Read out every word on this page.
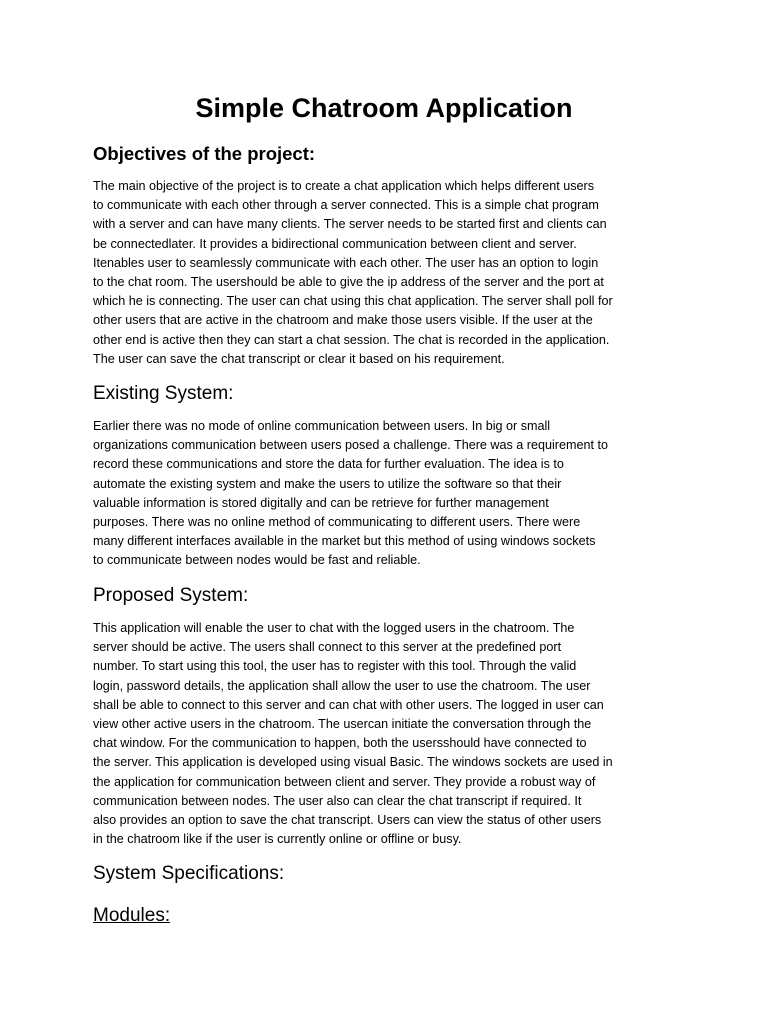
Simple Chatroom Application
Objectives of the project:
The main objective of the project is to create a chat application which helps different users
to communicate with each other through a server connected. This is a simple chat program
with a server and can have many clients. The server needs to be started first and clients can
be connectedlater. It provides a bidirectional communication between client and server.
Itenables user to seamlessly communicate with each other. The user has an option to login
to the chat room. The usershould be able to give the ip address of the server and the port at
which he is connecting. The user can chat using this chat application. The server shall poll for
other users that are active in the chatroom and make those users visible. If the user at the
other end is active then they can start a chat session. The chat is recorded in the application.
The user can save the chat transcript or clear it based on his requirement.
Existing System:
Earlier there was no mode of online communication between users. In big or small
organizations communication between users posed a challenge. There was a requirement to
record these communications and store the data for further evaluation. The idea is to
automate the existing system and make the users to utilize the software so that their
valuable information is stored digitally and can be retrieve for further management
purposes. There was no online method of communicating to different users. There were
many different interfaces available in the market but this method of using windows sockets
to communicate between nodes would be fast and reliable.
Proposed System:
This application will enable the user to chat with the logged users in the chatroom. The
server should be active. The users shall connect to this server at the predefined port
number. To start using this tool, the user has to register with this tool. Through the valid
login, password details, the application shall allow the user to use the chatroom. The user
shall be able to connect to this server and can chat with other users. The logged in user can
view other active users in the chatroom. The usercan initiate the conversation through the
chat window. For the communication to happen, both the usersshould have connected to
the server. This application is developed using visual Basic. The windows sockets are used in
the application for communication between client and server. They provide a robust way of
communication between nodes. The user also can clear the chat transcript if required. It
also provides an option to save the chat transcript. Users can view the status of other users
in the chatroom like if the user is currently online or offline or busy.
System Specifications:
Modules:
